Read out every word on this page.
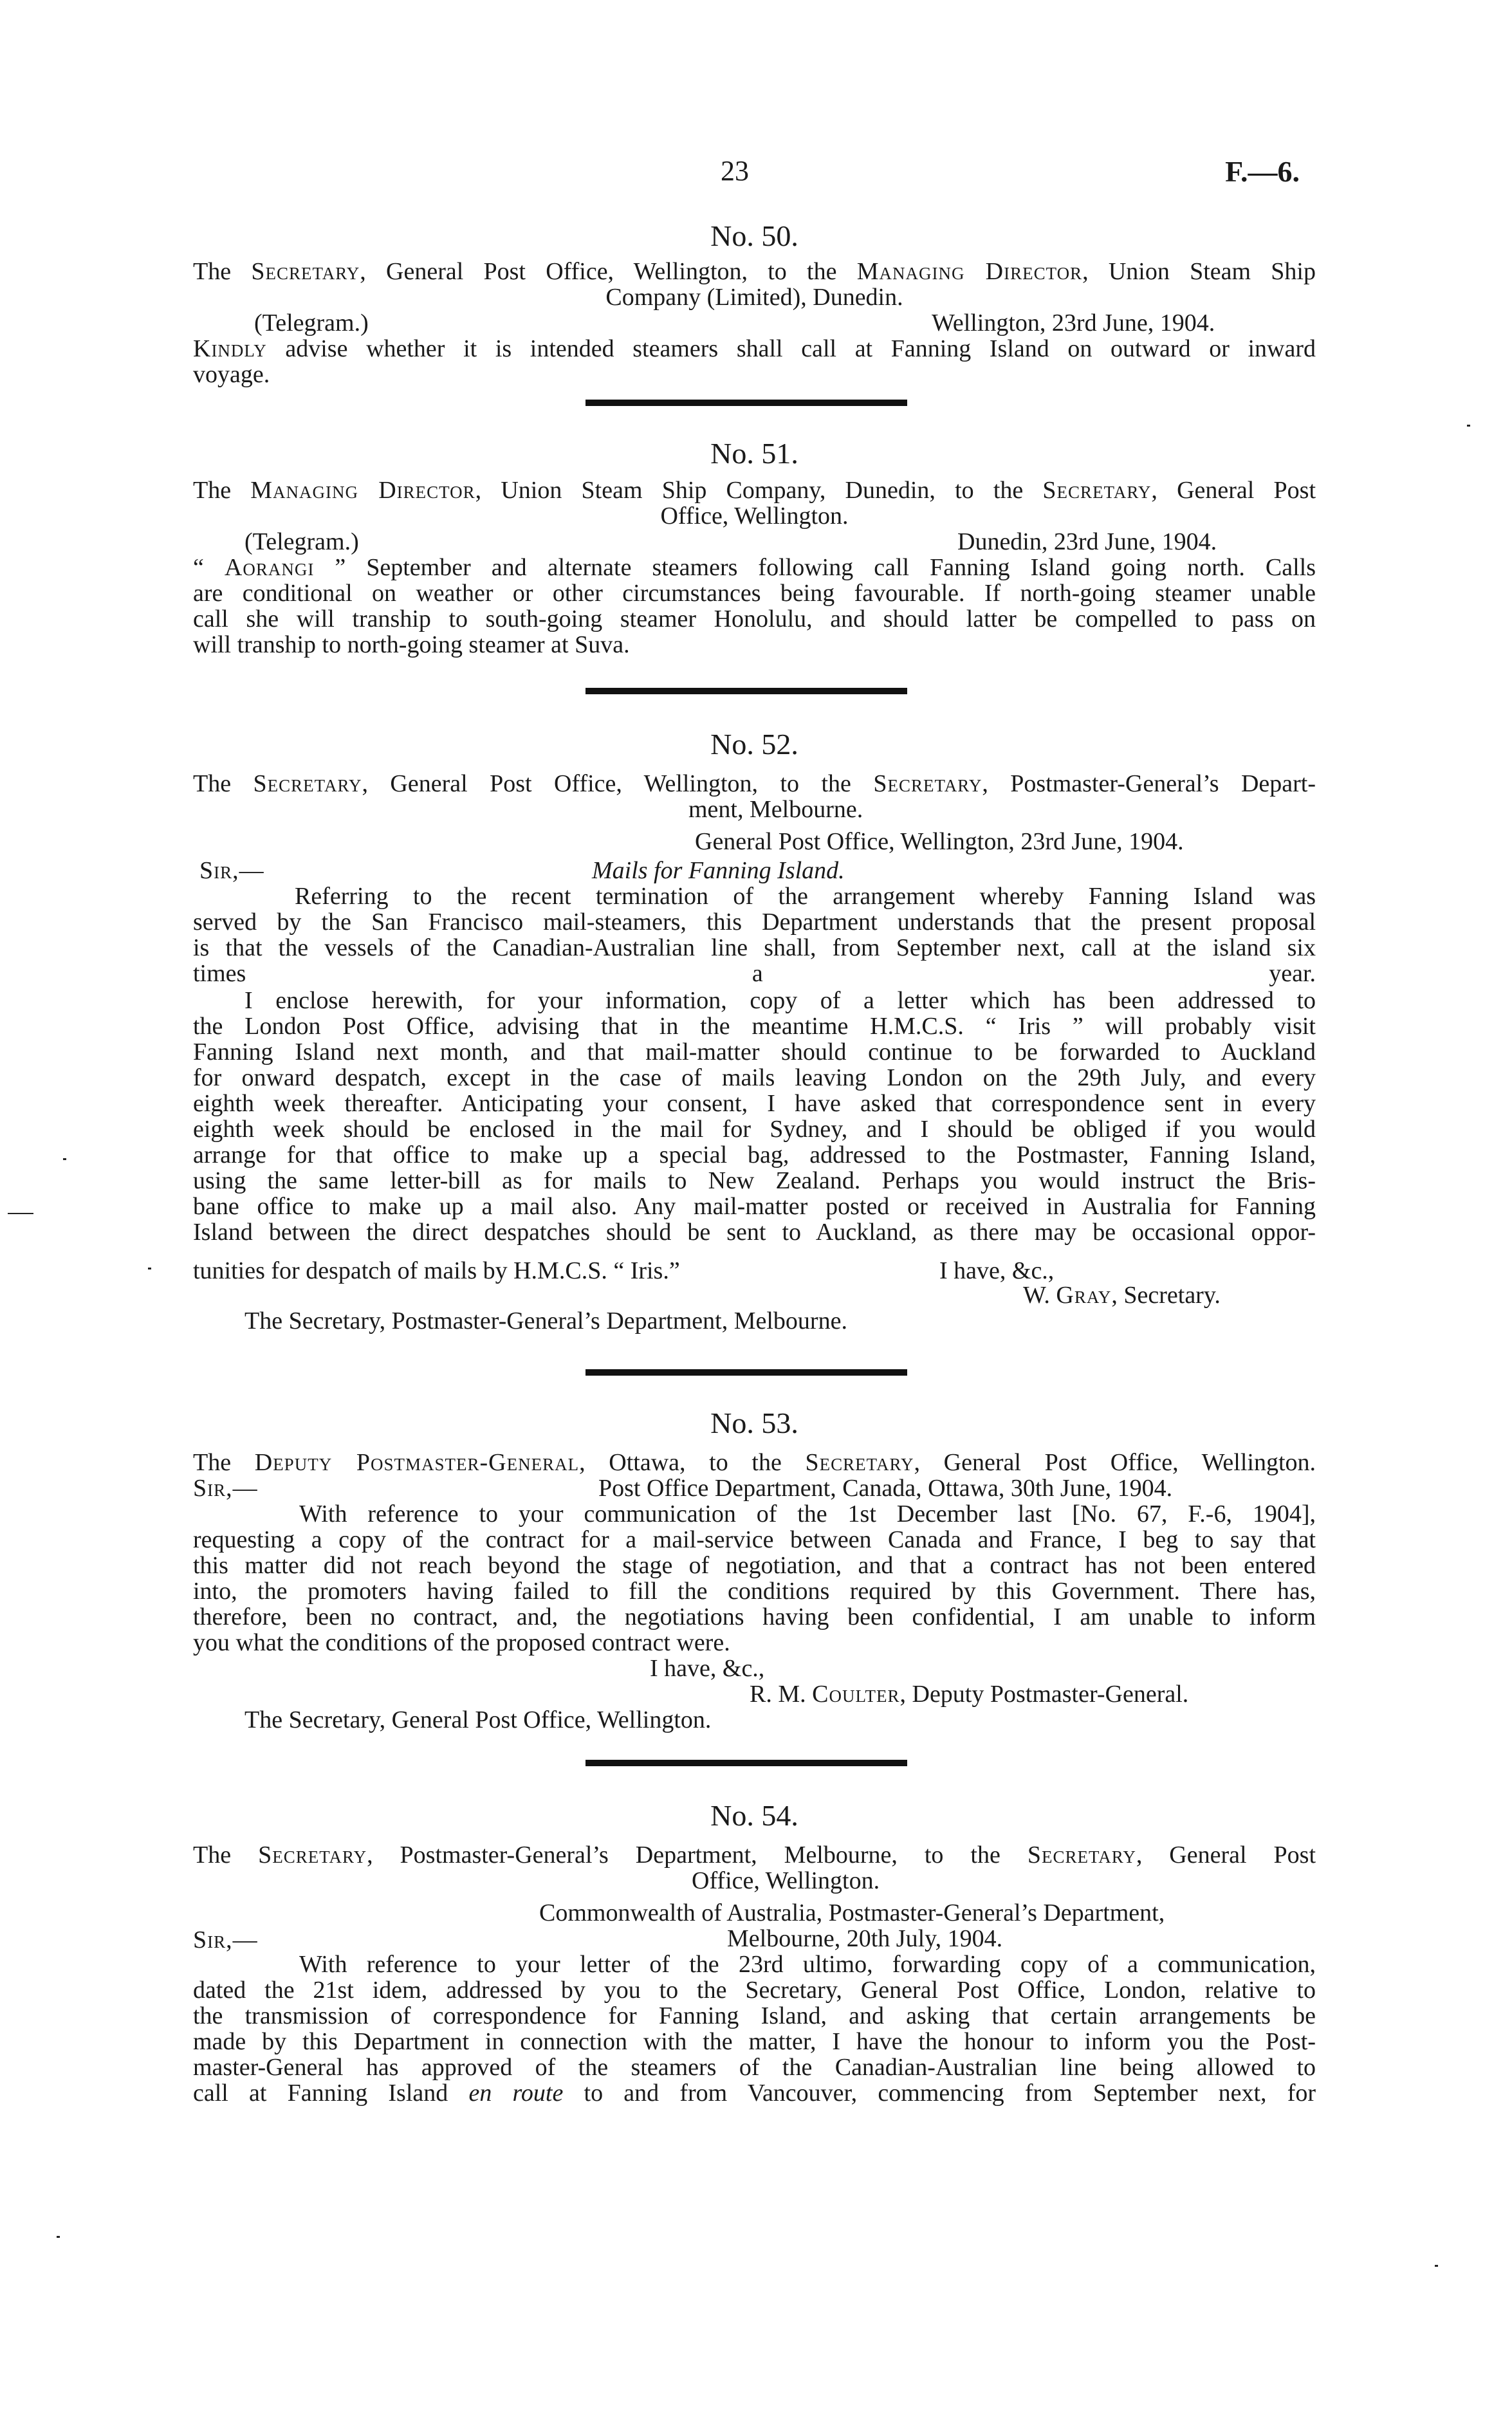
23	F.—6.
No. 50.
The Secretary, General Post Office, Wellington, to the Managing Director, Union Steam Ship
Company (Limited), Dunedin.
(Telegram.)	Wellington, 23rd June, 1904.
Kindly advise whether it is intended steamers shall call at Fanning Island on outward or inward
voyage.
No. 51.
The Managing Director, Union Steam Ship Company, Dunedin, to the Secretary, General Post
Office, Wellington.
(Telegram.)	Dunedin, 23rd June, 1904.
“ Aorangi ” September and alternate steamers following call Fanning Island going north. Calls
are conditional on weather or other circumstances being favourable. If north-going steamer unable
call she will tranship to south-going steamer Honolulu, and should latter be compelled to pass on
will tranship to north-going steamer at Suva.
No. 52.
The Secretary, General Post Office, Wellington, to the Secretary, Postmaster-General’s Depart-
ment, Melbourne.
General Post Office, Wellington, 23rd June, 1904.
Sir,—	Mails for Fanning Island.
Referring to the recent termination of the arrangement whereby Fanning Island was
served by the San Francisco mail-steamers, this Department understands that the present proposal
is that the vessels of the Canadian-Australian line shall, from September next, call at the island six
times a year.
I enclose herewith, for your information, copy of a letter which has been addressed to
the London Post Office, advising that in the meantime H.M.C.S. “ Iris ” will probably visit
Fanning Island next month, and that mail-matter should continue to be forwarded to Auckland
for onward despatch, except in the case of mails leaving London on the 29th July, and every
eighth week thereafter. Anticipating your consent, I have asked that correspondence sent in every
eighth week should be enclosed in the mail for Sydney, and I should be obliged if you would
arrange for that office to make up a special bag, addressed to the Postmaster, Fanning Island,
using the same letter-bill as for mails to New Zealand. Perhaps you would instruct the Bris-
bane office to make up a mail also. Any mail-matter posted or received in Australia for Fanning
Island between the direct despatches should be sent to Auckland, as there may be occasional oppor-
tunities for despatch of mails by H.M.C.S. “ Iris.”	I have, &c.,
W. Gray, Secretary.
The Secretary, Postmaster-General’s Department, Melbourne.
No. 53.
The Deputy Postmaster-General, Ottawa, to the Secretary, General Post Office, Wellington.
Sir,—	Post Office Department, Canada, Ottawa, 30th June, 1904.
With reference to your communication of the 1st December last [No. 67, F.-6, 1904],
requesting a copy of the contract for a mail-service between Canada and France, I beg to say that
this matter did not reach beyond the stage of negotiation, and that a contract has not been entered
into, the promoters having failed to fill the conditions required by this Government. There has,
therefore, been no contract, and, the negotiations having been confidential, I am unable to inform
you what the conditions of the proposed contract were.
I have, &c.,
R. M. Coulter, Deputy Postmaster-General.
The Secretary, General Post Office, Wellington.
No. 54.
The Secretary, Postmaster-General’s Department, Melbourne, to the Secretary, General Post
Office, Wellington.
Commonwealth of Australia, Postmaster-General’s Department,
Melbourne, 20th July, 1904.
Sir,—
With reference to your letter of the 23rd ultimo, forwarding copy of a communication,
dated the 21st idem, addressed by you to the Secretary, General Post Office, London, relative to
the transmission of correspondence for Fanning Island, and asking that certain arrangements be
made by this Department in connection with the matter, I have the honour to inform you the Post-
master-General has approved of the steamers of the Canadian-Australian line being allowed to
call at Fanning Island en route to and from Vancouver, commencing from September next, for
